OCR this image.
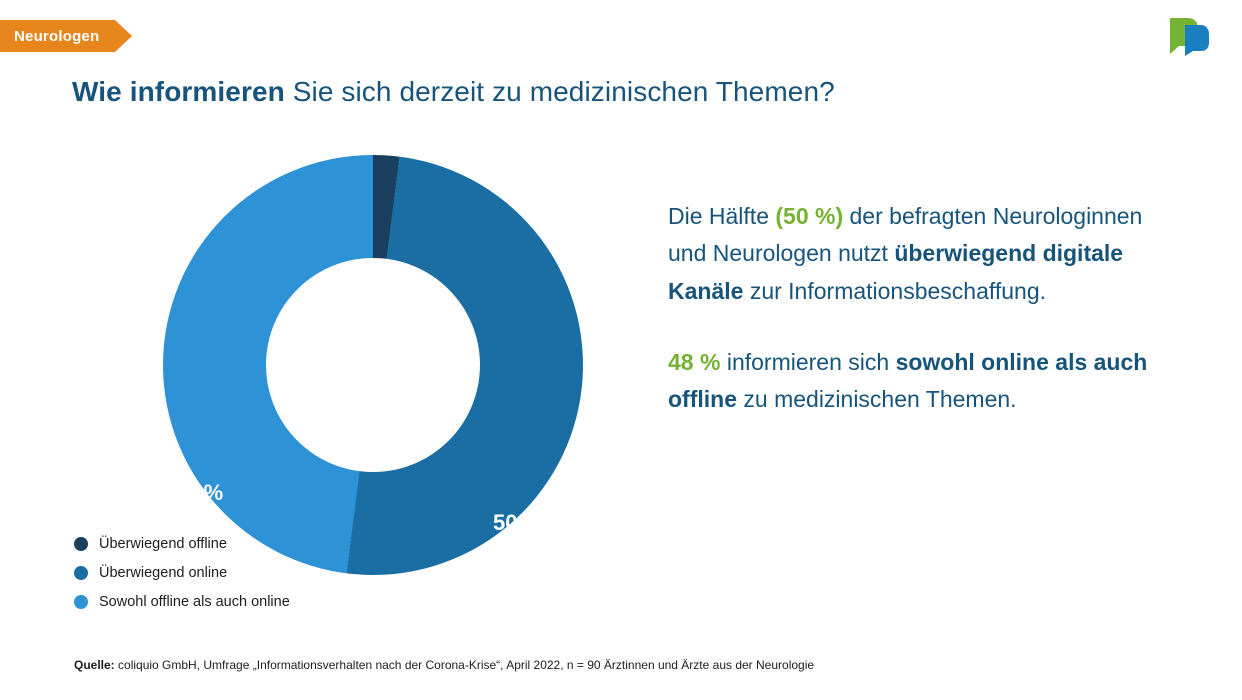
Neurologen
Wie informieren Sie sich derzeit zu medizinischen Themen?
2 %
50 %
48 %
Überwiegend offline
Überwiegend online
Sowohl offline als auch online
Die Hälfte (50 %) der befragten Neurologinnen und Neurologen nutzt überwiegend digitale Kanäle zur Informationsbeschaffung.
48 % informieren sich sowohl online als auch offline zu medizinischen Themen.
Quelle: coliquio GmbH, Umfrage „Informationsverhalten nach der Corona-Krise“, April 2022, n = 90 Ärztinnen und Ärzte aus der Neurologie
